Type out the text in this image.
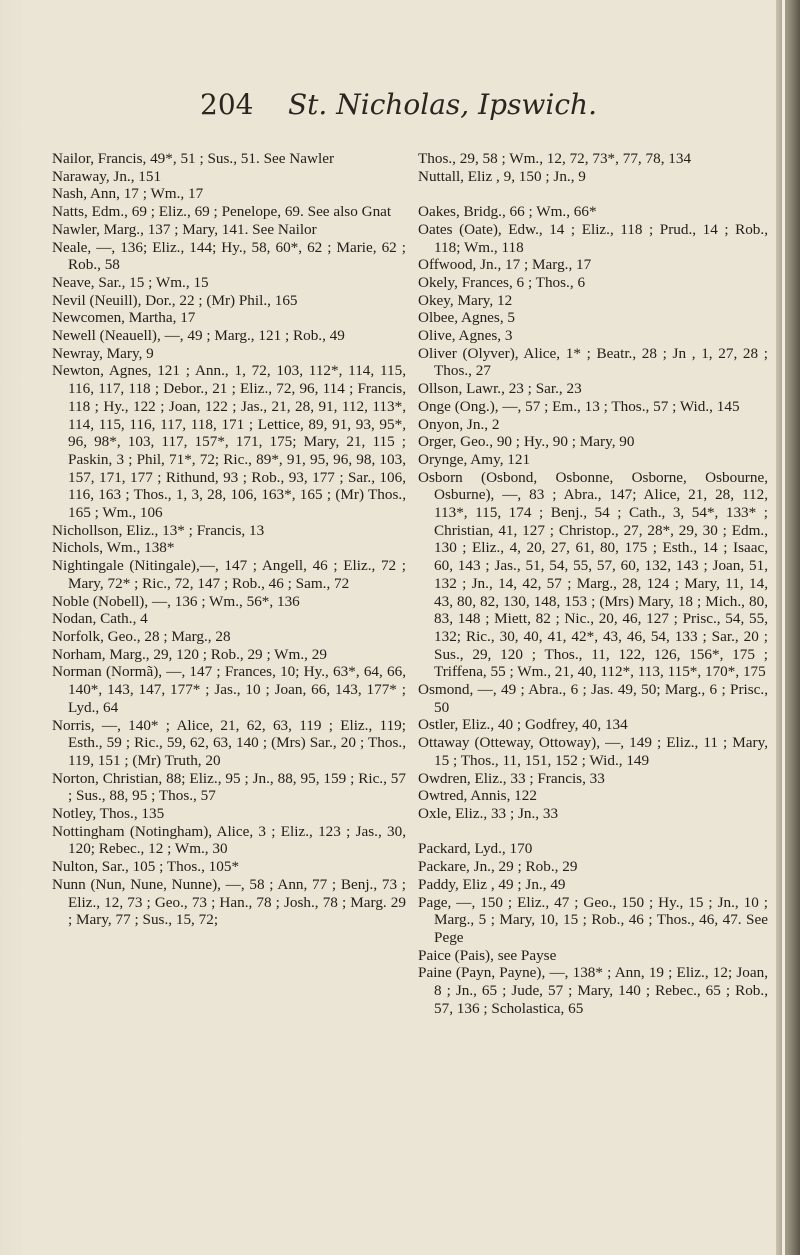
204 St. Nicholas, Ipswich.

Nailor, Francis, 49*, 51 ; Sus., 51. See Nawler

Naraway, Jn., 151

Nash, Ann, 17 ; Wm., 17

Natts, Edm., 69 ; Eliz., 69 ; Penelope, 69. See also Gnat

Nawler, Marg., 137 ; Mary, 141. See Nailor

Neale, —, 136; Eliz., 144; Hy., 58, 60*, 62 ; Marie, 62 ; Rob., 58

Neave, Sar., 15 ; Wm., 15

Nevil (Neuill), Dor., 22 ; (Mr) Phil., 165

Newcomen, Martha, 17

Newell (Neauell), —, 49 ; Marg., 121 ; Rob., 49

Newray, Mary, 9

Newton, Agnes, 121 ; Ann., 1, 72, 103, 112*, 114, 115, 116, 117, 118 ; Debor., 21 ; Eliz., 72, 96, 114 ; Francis, 118 ; Hy., 122 ; Joan, 122 ; Jas., 21, 28, 91, 112, 113*, 114, 115, 116, 117, 118, 171 ; Lettice, 89, 91, 93, 95*, 96, 98*, 103, 117, 157*, 171, 175; Mary, 21, 115 ; Paskin, 3 ; Phil, 71*, 72; Ric., 89*, 91, 95, 96, 98, 103, 157, 171, 177 ; Rithund, 93 ; Rob., 93, 177 ; Sar., 106, 116, 163 ; Thos., 1, 3, 28, 106, 163*, 165 ; (Mr) Thos., 165 ; Wm., 106

Nichollson, Eliz., 13* ; Francis, 13

Nichols, Wm., 138*

Nightingale (Nitingale),—, 147 ; Angell, 46 ; Eliz., 72 ; Mary, 72* ; Ric., 72, 147 ; Rob., 46 ; Sam., 72

Noble (Nobell), —, 136 ; Wm., 56*, 136

Nodan, Cath., 4

Norfolk, Geo., 28 ; Marg., 28

Norham, Marg., 29, 120 ; Rob., 29 ; Wm., 29

Norman (Normã), —, 147 ; Frances, 10; Hy., 63*, 64, 66, 140*, 143, 147, 177* ; Jas., 10 ; Joan, 66, 143, 177* ; Lyd., 64

Norris, —, 140* ; Alice, 21, 62, 63, 119 ; Eliz., 119; Esth., 59 ; Ric., 59, 62, 63, 140 ; (Mrs) Sar., 20 ; Thos., 119, 151 ; (Mr) Truth, 20

Norton, Christian, 88; Eliz., 95 ; Jn., 88, 95, 159 ; Ric., 57 ; Sus., 88, 95 ; Thos., 57

Notley, Thos., 135

Nottingham (Notingham), Alice, 3 ; Eliz., 123 ; Jas., 30, 120; Rebec., 12 ; Wm., 30

Nulton, Sar., 105 ; Thos., 105*

Nunn (Nun, Nune, Nunne), —, 58 ; Ann, 77 ; Benj., 73 ; Eliz., 12, 73 ; Geo., 73 ; Han., 78 ; Josh., 78 ; Marg. 29 ; Mary, 77 ; Sus., 15, 72;

Thos., 29, 58 ; Wm., 12, 72, 73*, 77, 78, 134

Nuttall, Eliz , 9, 150 ; Jn., 9

Oakes, Bridg., 66 ; Wm., 66*

Oates (Oate), Edw., 14 ; Eliz., 118 ; Prud., 14 ; Rob., 118; Wm., 118

Offwood, Jn., 17 ; Marg., 17

Okely, Frances, 6 ; Thos., 6

Okey, Mary, 12

Olbee, Agnes, 5

Olive, Agnes, 3

Oliver (Olyver), Alice, 1* ; Beatr., 28 ; Jn , 1, 27, 28 ; Thos., 27

Ollson, Lawr., 23 ; Sar., 23

Onge (Ong.), —, 57 ; Em., 13 ; Thos., 57 ; Wid., 145

Onyon, Jn., 2

Orger, Geo., 90 ; Hy., 90 ; Mary, 90

Orynge, Amy, 121

Osborn (Osbond, Osbonne, Osborne, Osbourne, Osburne), —, 83 ; Abra., 147; Alice, 21, 28, 112, 113*, 115, 174 ; Benj., 54 ; Cath., 3, 54*, 133* ; Christian, 41, 127 ; Christop., 27, 28*, 29, 30 ; Edm., 130 ; Eliz., 4, 20, 27, 61, 80, 175 ; Esth., 14 ; Isaac, 60, 143 ; Jas., 51, 54, 55, 57, 60, 132, 143 ; Joan, 51, 132 ; Jn., 14, 42, 57 ; Marg., 28, 124 ; Mary, 11, 14, 43, 80, 82, 130, 148, 153 ; (Mrs) Mary, 18 ; Mich., 80, 83, 148 ; Miett, 82 ; Nic., 20, 46, 127 ; Prisc., 54, 55, 132; Ric., 30, 40, 41, 42*, 43, 46, 54, 133 ; Sar., 20 ; Sus., 29, 120 ; Thos., 11, 122, 126, 156*, 175 ; Triffena, 55 ; Wm., 21, 40, 112*, 113, 115*, 170*, 175

Osmond, —, 49 ; Abra., 6 ; Jas. 49, 50; Marg., 6 ; Prisc., 50

Ostler, Eliz., 40 ; Godfrey, 40, 134

Ottaway (Otteway, Ottoway), —, 149 ; Eliz., 11 ; Mary, 15 ; Thos., 11, 151, 152 ; Wid., 149

Owdren, Eliz., 33 ; Francis, 33

Owtred, Annis, 122

Oxle, Eliz., 33 ; Jn., 33

Packard, Lyd., 170

Packare, Jn., 29 ; Rob., 29

Paddy, Eliz , 49 ; Jn., 49

Page, —, 150 ; Eliz., 47 ; Geo., 150 ; Hy., 15 ; Jn., 10 ; Marg., 5 ; Mary, 10, 15 ; Rob., 46 ; Thos., 46, 47. See Pege

Paice (Pais), see Payse

Paine (Payn, Payne), —, 138* ; Ann, 19 ; Eliz., 12; Joan, 8 ; Jn., 65 ; Jude, 57 ; Mary, 140 ; Rebec., 65 ; Rob., 57, 136 ; Scholastica, 65
